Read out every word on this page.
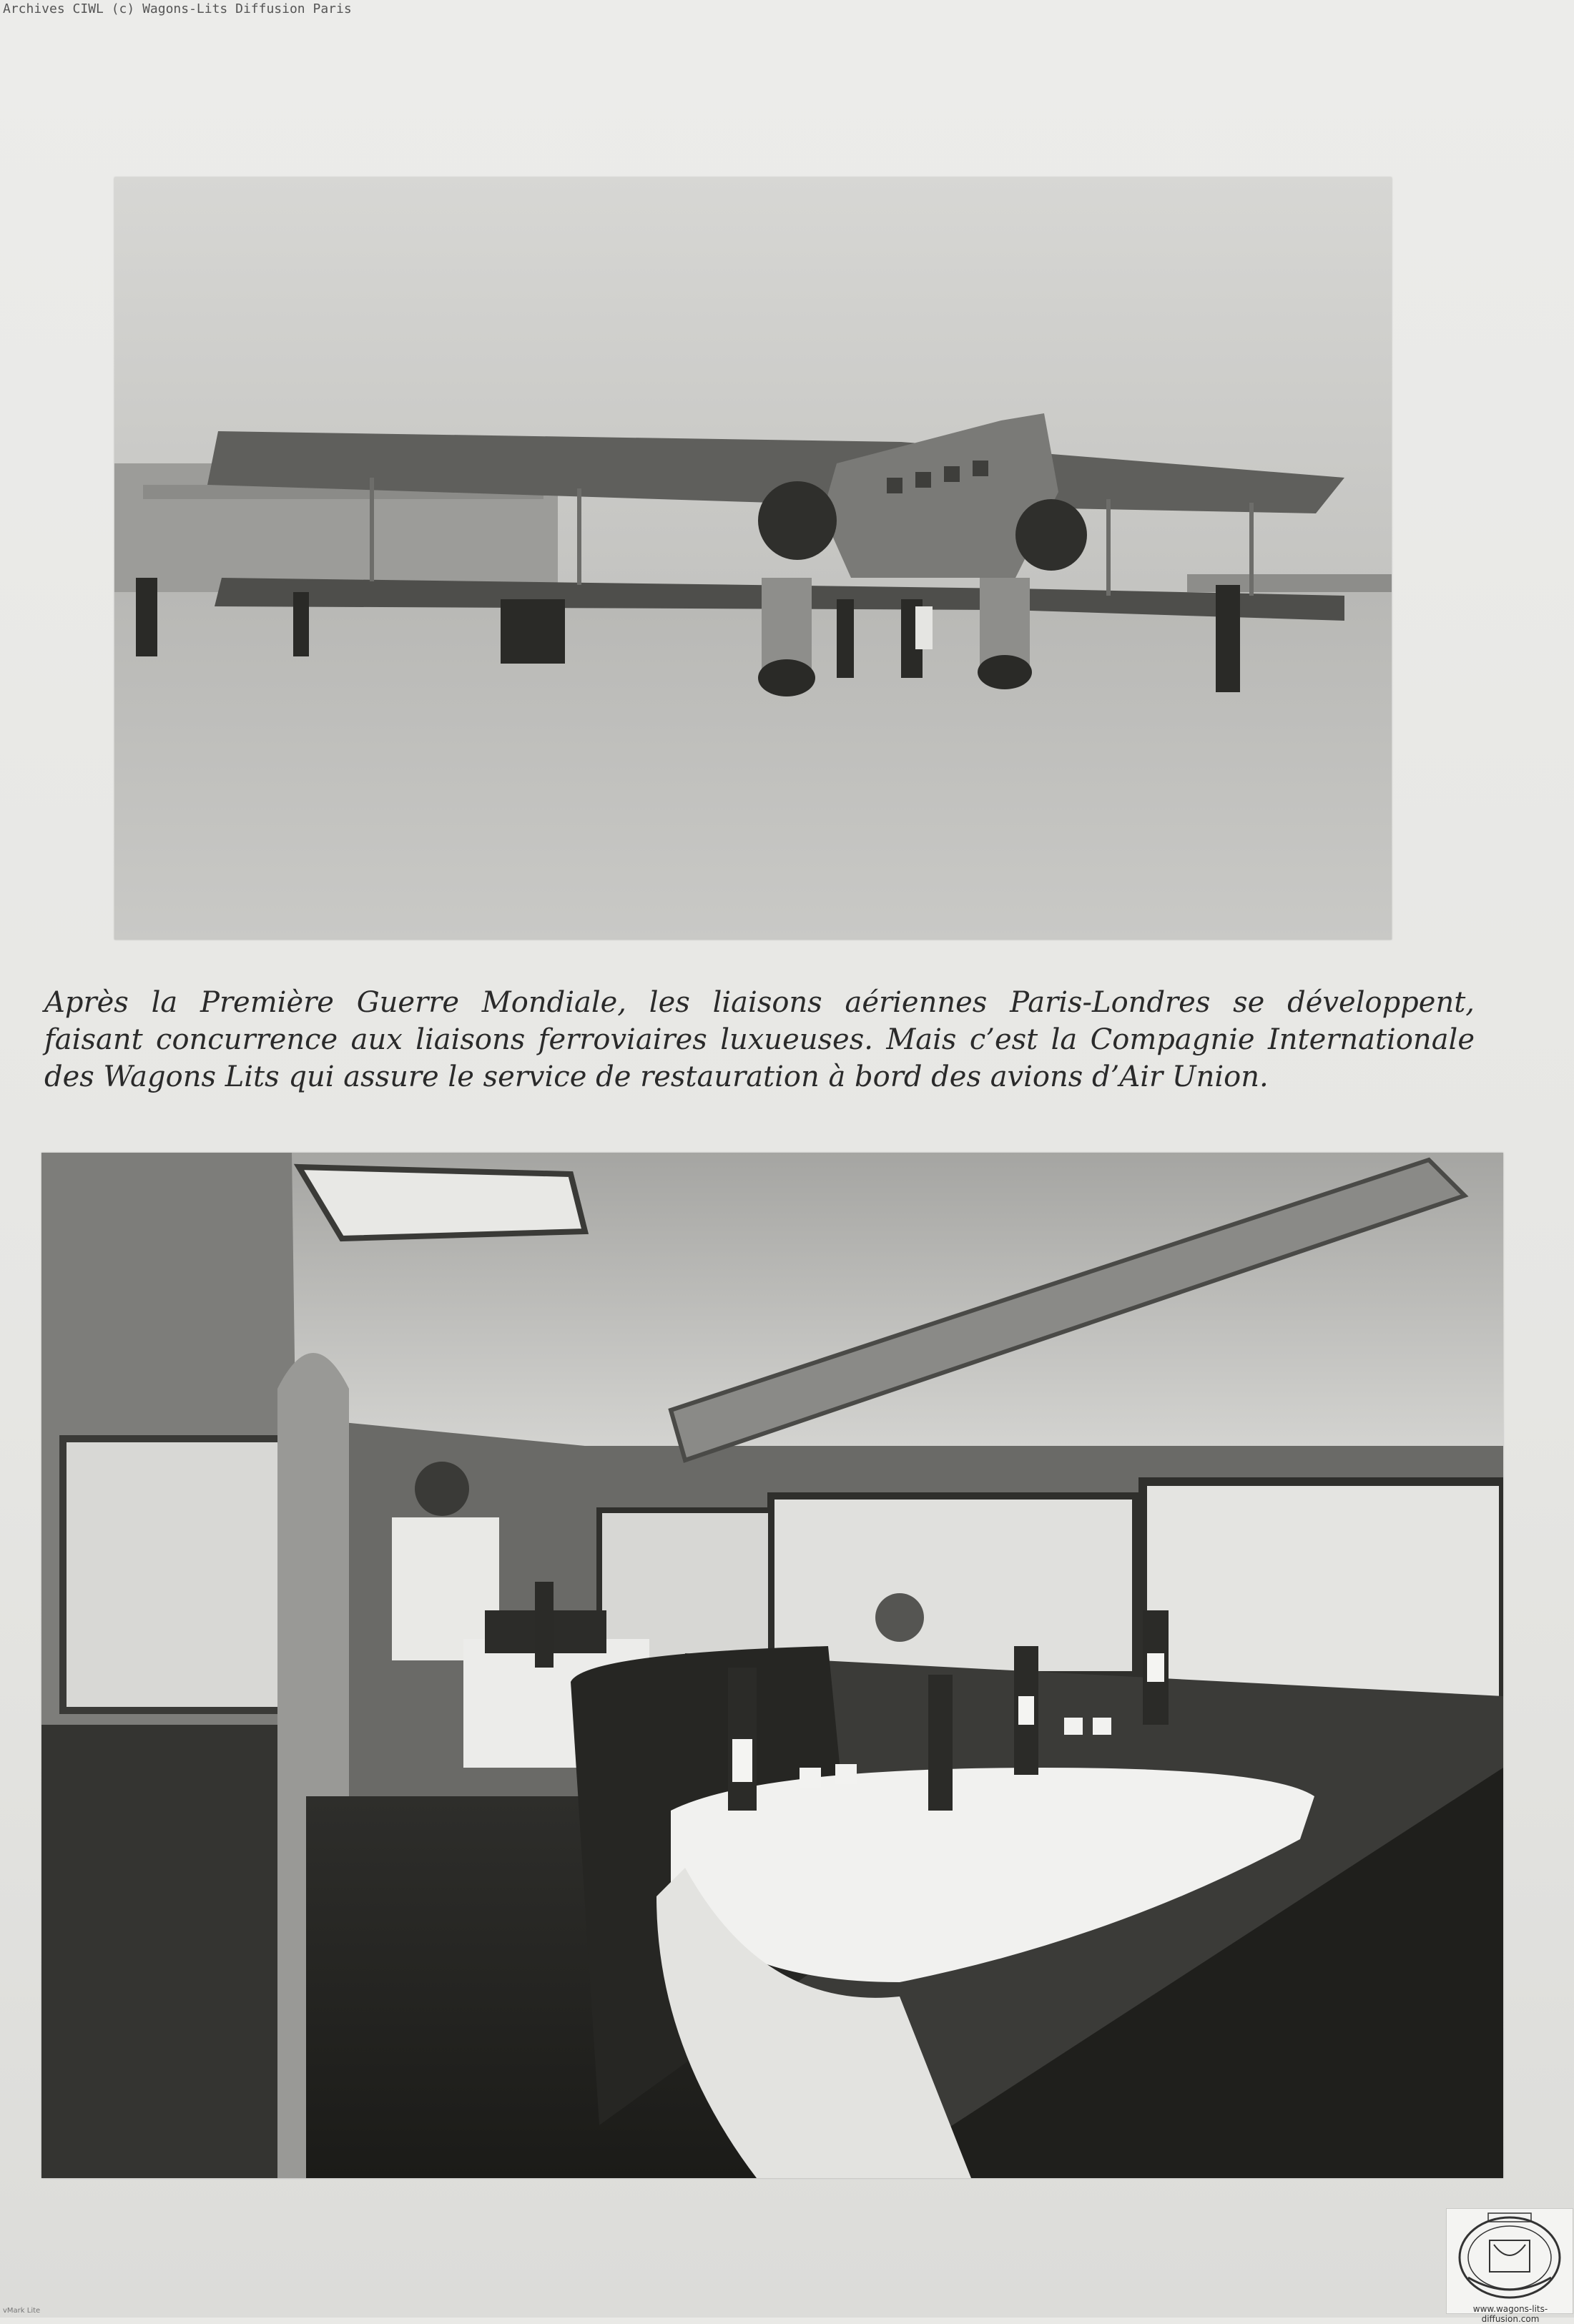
Archives CIWL (c) Wagons-Lits Diffusion Paris
Après la Première Guerre Mondiale, les liaisons aériennes Paris-Londres se développent,
faisant concurrence aux liaisons ferroviaires luxueuses. Mais c’est la Compagnie Internationale
des Wagons Lits qui assure le service de restauration à bord des avions d’Air Union.
www.wagons-lits-diffusion.com
vMark Lite
